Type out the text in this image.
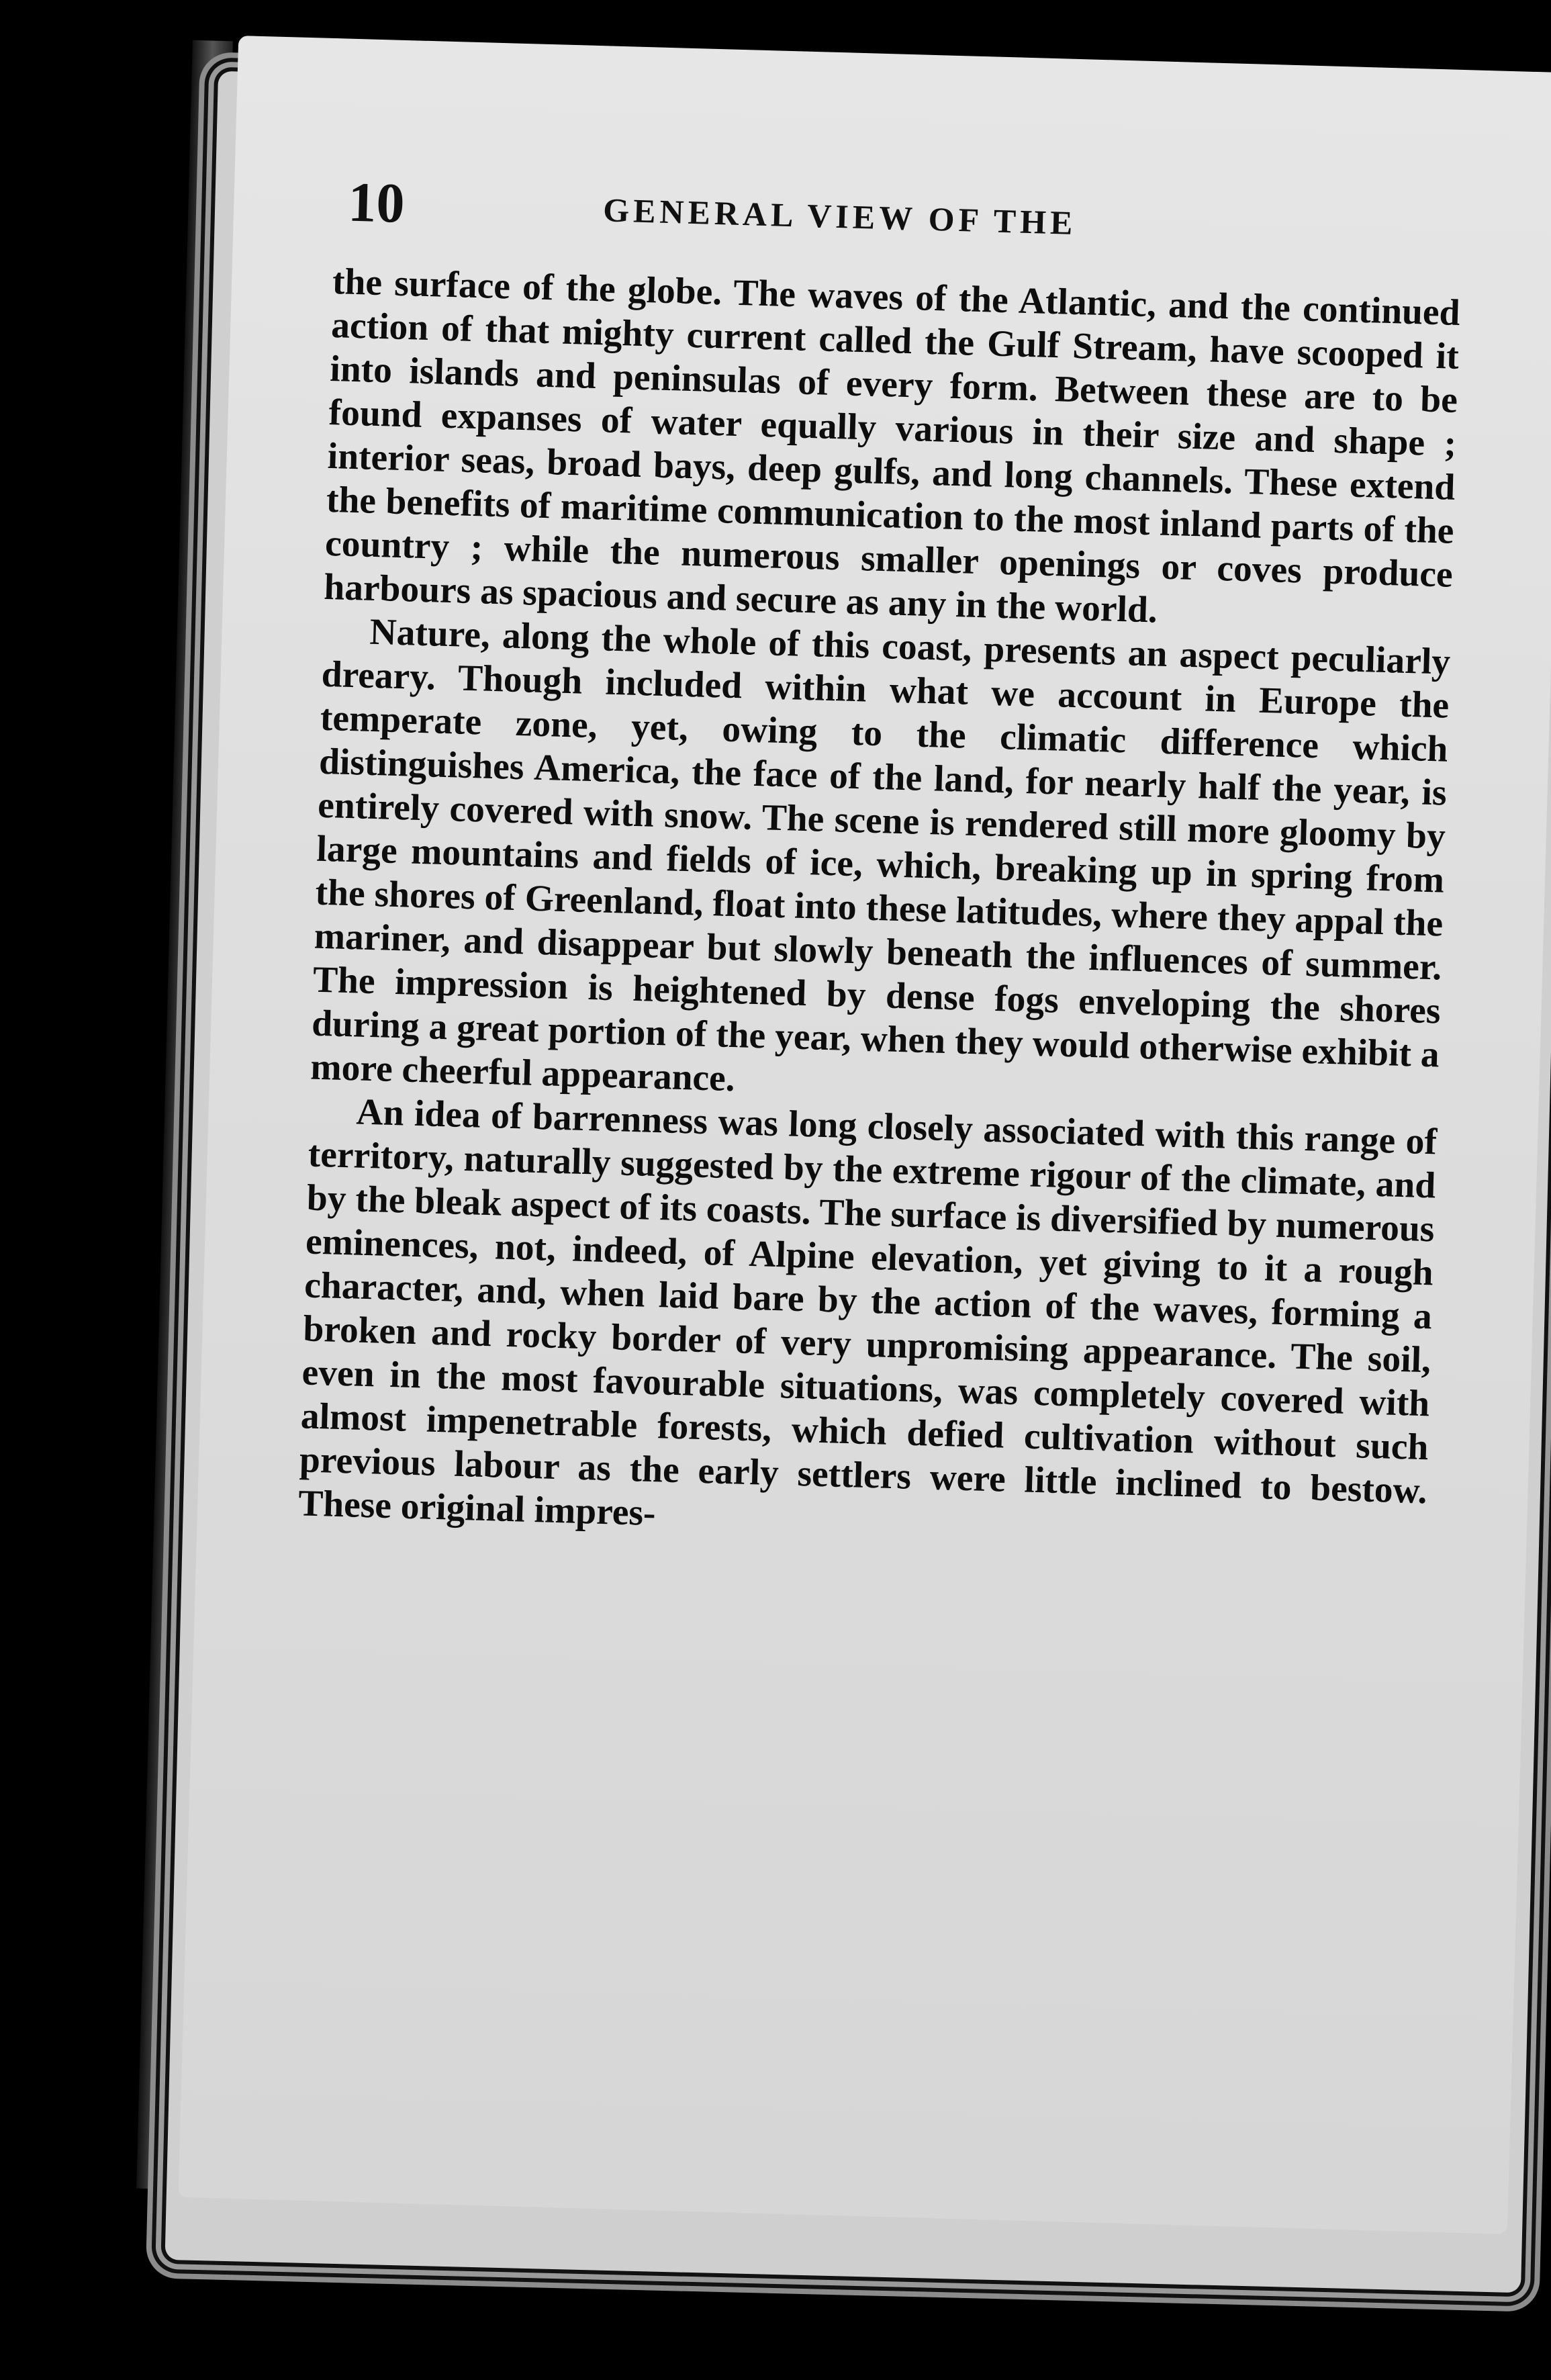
10	GENERAL VIEW OF THE

the surface of the globe. The waves of the Atlantic, and the continued action of that mighty current called the Gulf Stream, have scooped it into islands and peninsulas of every form. Between these are to be found expanses of water equally various in their size and shape ; interior seas, broad bays, deep gulfs, and long channels. These extend the benefits of maritime communication to the most inland parts of the country ; while the numerous smaller openings or coves produce harbours as spacious and secure as any in the world.

Nature, along the whole of this coast, presents an aspect peculiarly dreary. Though included within what we account in Europe the temperate zone, yet, owing to the climatic difference which distinguishes America, the face of the land, for nearly half the year, is entirely covered with snow. The scene is rendered still more gloomy by large mountains and fields of ice, which, breaking up in spring from the shores of Greenland, float into these latitudes, where they appal the mariner, and disappear but slowly beneath the influences of summer. The impression is heightened by dense fogs enveloping the shores during a great portion of the year, when they would otherwise exhibit a more cheerful appearance.

An idea of barrenness was long closely associated with this range of territory, naturally suggested by the extreme rigour of the climate, and by the bleak aspect of its coasts. The surface is diversified by numerous eminences, not, indeed, of Alpine elevation, yet giving to it a rough character, and, when laid bare by the action of the waves, forming a broken and rocky border of very unpromising appearance. The soil, even in the most favourable situations, was completely covered with almost impenetrable forests, which defied cultivation without such previous labour as the early settlers were little inclined to bestow. These original impres-
